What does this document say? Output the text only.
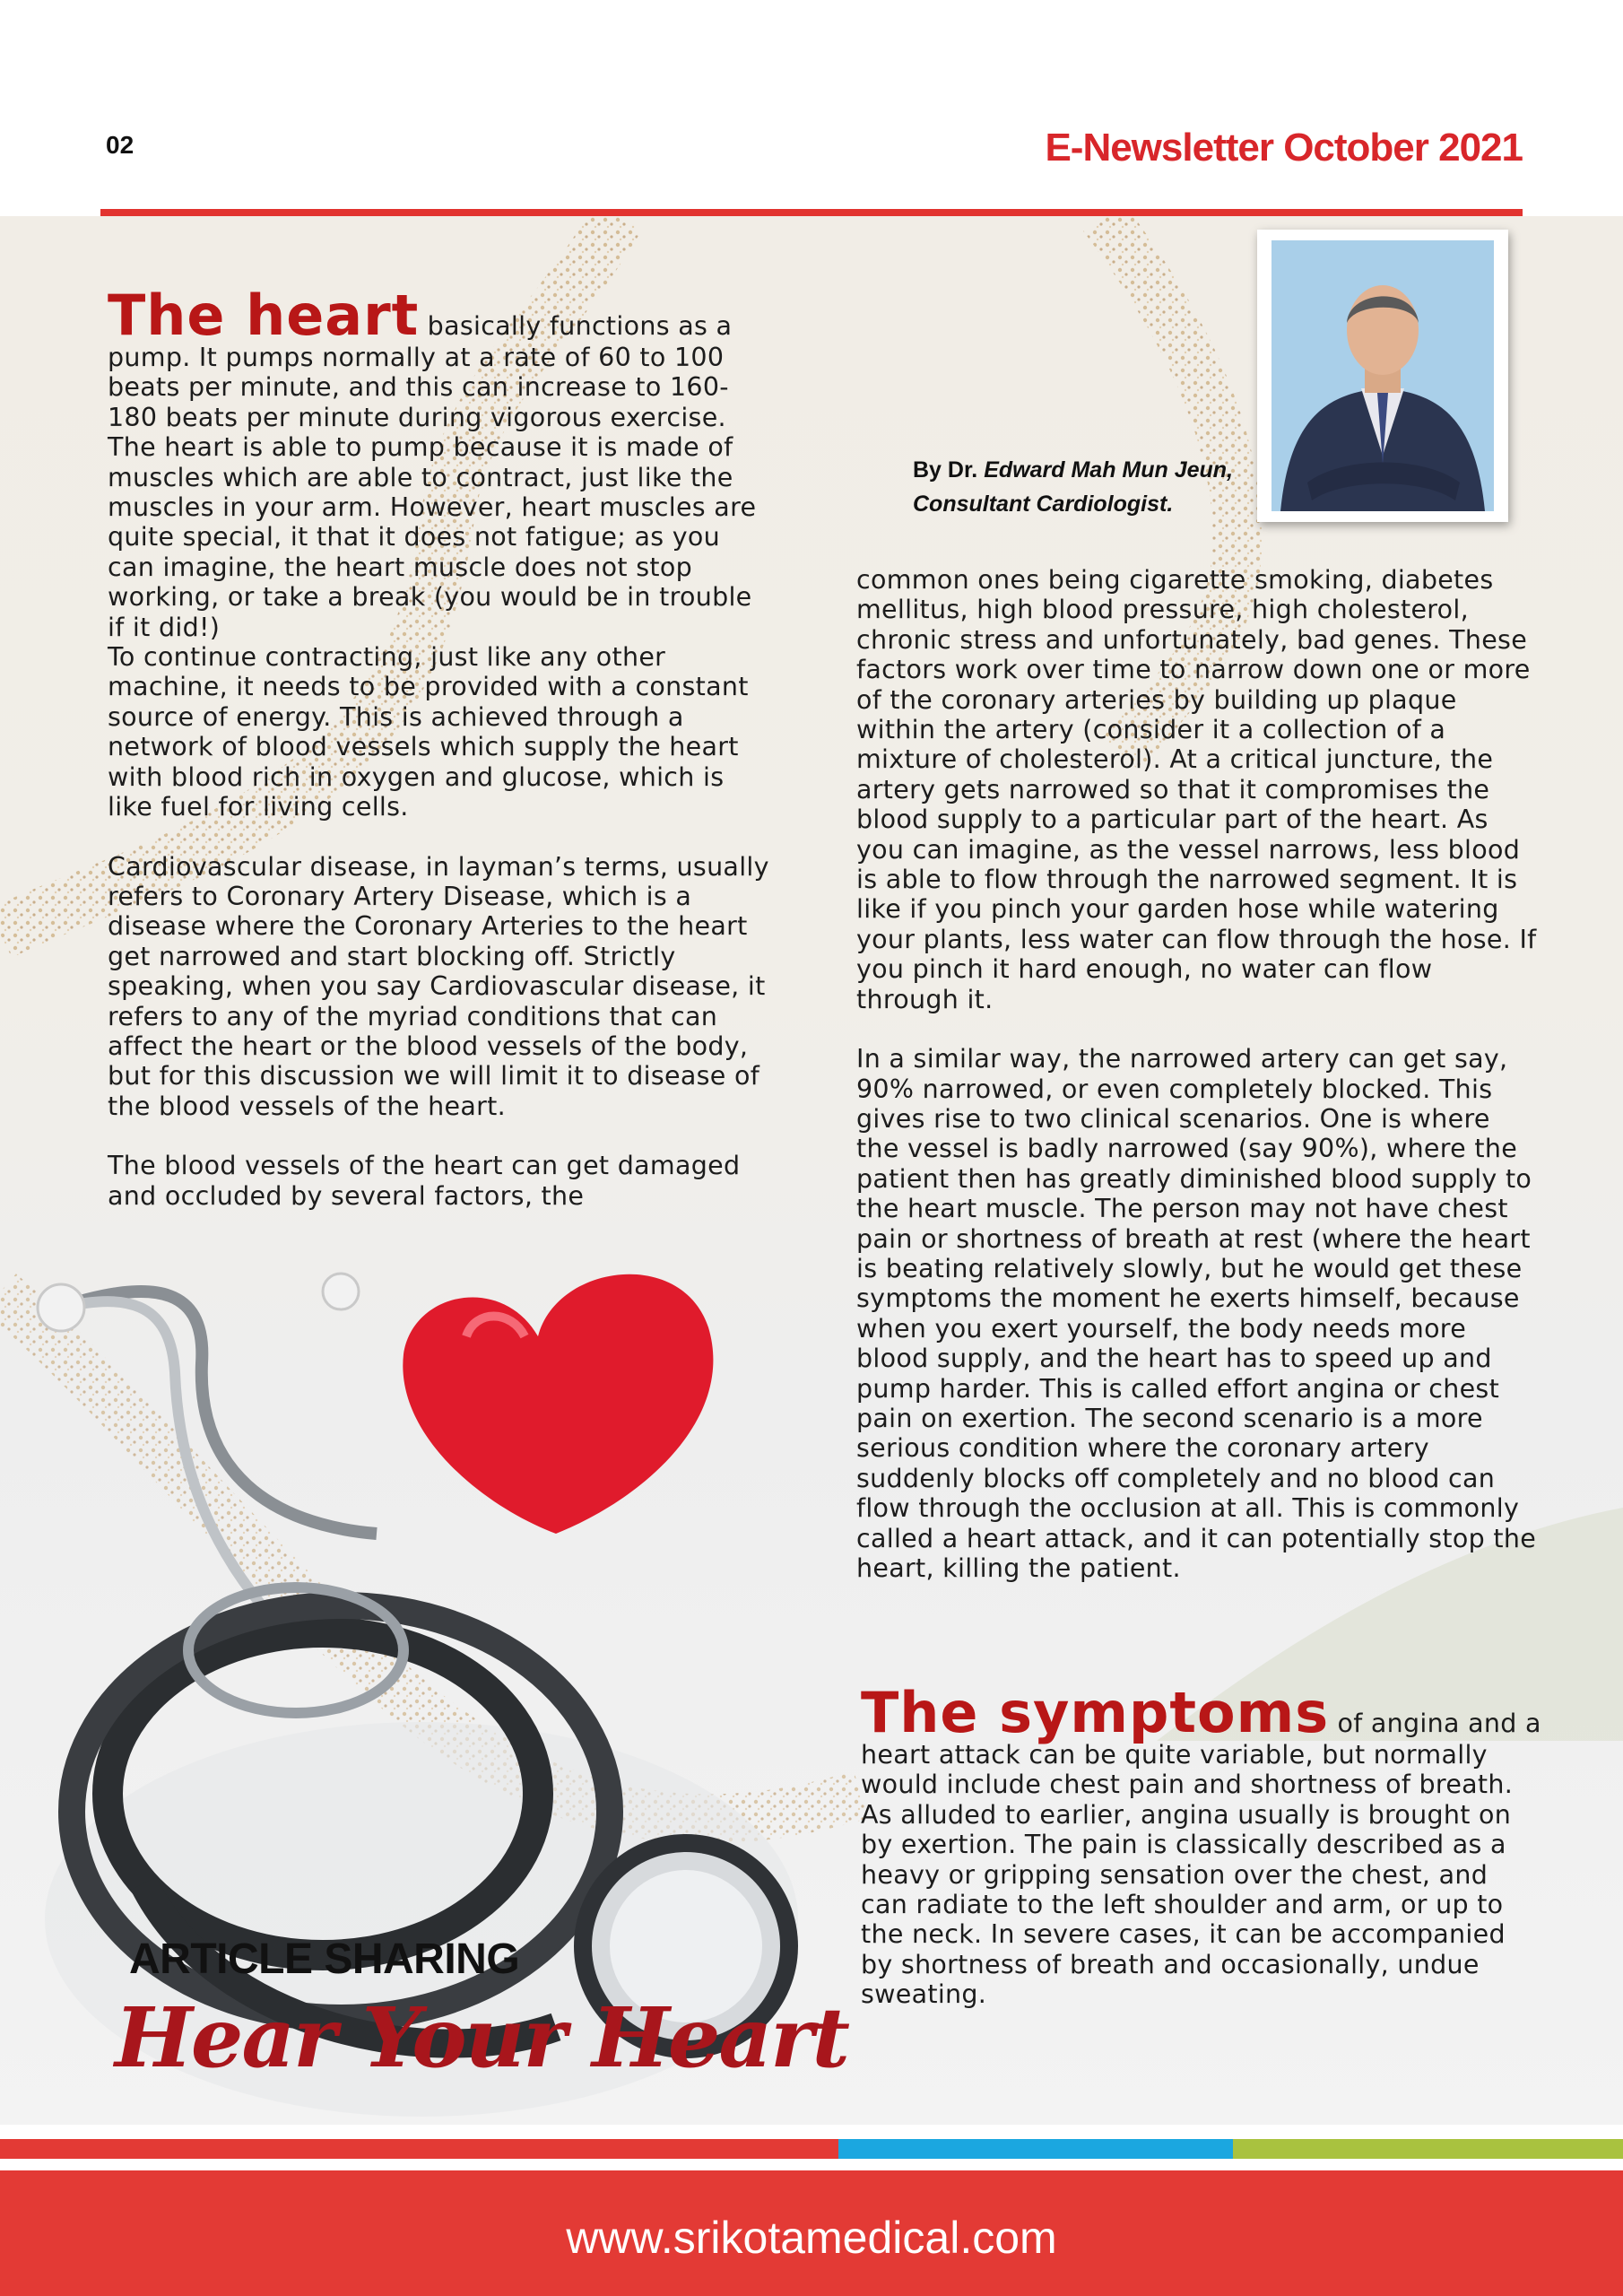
02	E-Newsletter October 2021
By Dr. Edward Mah Mun Jeun,
Consultant Cardiologist.

The heart basically functions as a pump. It pumps normally at a rate of 60 to 100 beats per minute, and this can increase to 160-180 beats per minute during vigorous exercise. The heart is able to pump because it is made of muscles which are able to contract, just like the muscles in your arm. However, heart muscles are quite special, it that it does not fatigue; as you can imagine, the heart muscle does not stop working, or take a break (you would be in trouble if it did!)

To continue contracting, just like any other machine, it needs to be provided with a constant source of energy. This is achieved through a network of blood vessels which supply the heart with blood rich in oxygen and glucose, which is like fuel for living cells.

Cardiovascular disease, in layman’s terms, usually refers to Coronary Artery Disease, which is a disease where the Coronary Arteries to the heart get narrowed and start blocking off. Strictly speaking, when you say Cardiovascular disease, it refers to any of the myriad conditions that can affect the heart or the blood vessels of the body, but for this discussion we will limit it to disease of the blood vessels of the heart.

The blood vessels of the heart can get damaged and occluded by several factors, the

common ones being cigarette smoking, diabetes mellitus, high blood pressure, high cholesterol, chronic stress and unfortunately, bad genes. These factors work over time to narrow down one or more of the coronary arteries by building up plaque within the artery (consider it a collection of a mixture of cholesterol). At a critical juncture, the artery gets narrowed so that it compromises the blood supply to a particular part of the heart. As you can imagine, as the vessel narrows, less blood is able to flow through the narrowed segment. It is like if you pinch your garden hose while watering your plants, less water can flow through the hose. If you pinch it hard enough, no water can flow through it.

In a similar way, the narrowed artery can get say, 90% narrowed, or even completely blocked. This gives rise to two clinical scenarios. One is where the vessel is badly narrowed (say 90%), where the patient then has greatly diminished blood supply to the heart muscle. The person may not have chest pain or shortness of breath at rest (where the heart is beating relatively slowly, but he would get these symptoms the moment he exerts himself, because when you exert yourself, the body needs more blood supply, and the heart has to speed up and pump harder. This is called effort angina or chest pain on exertion. The second scenario is a more serious condition where the coronary artery suddenly blocks off completely and no blood can flow through the occlusion at all. This is commonly called a heart attack, and it can potentially stop the heart, killing the patient.

The symptoms of angina and a heart attack can be quite variable, but normally would include chest pain and shortness of breath. As alluded to earlier, angina usually is brought on by exertion. The pain is classically described as a heavy or gripping sensation over the chest, and can radiate to the left shoulder and arm, or up to the neck. In severe cases, it can be accompanied by shortness of breath and occasionally, undue sweating.

ARTICLE SHARING
Hear Your Heart
www.srikotamedical.com
